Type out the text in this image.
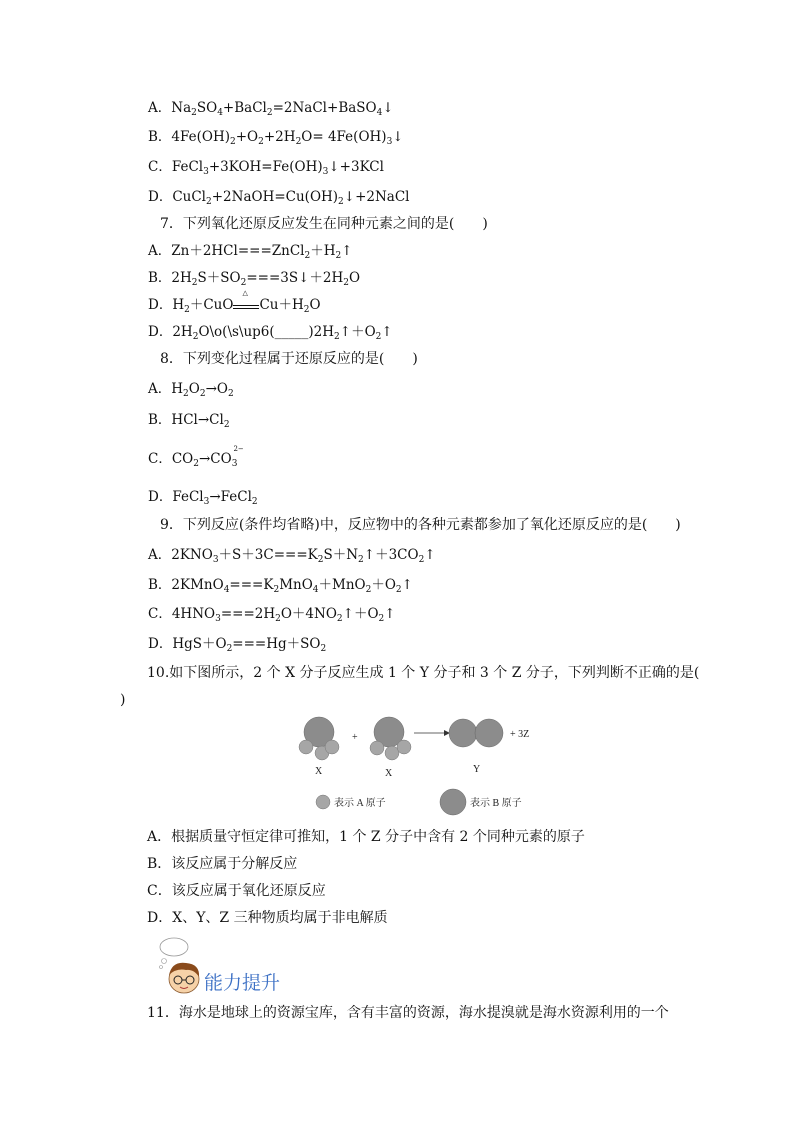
A．$Na_2SO_4+BaCl_2=2NaCl+BaSO_4↓$
B．$4Fe(OH)_2+O_2+2H_2O=$ $4Fe(OH)_3↓$
C．$FeCl_3+3KOH=Fe(OH)_3↓+3KCl$
D．$CuCl_2+2NaOH=Cu(OH)_2↓+2NaCl$
7．下列氧化还原反应发生在同种元素之间的是(　　)
A．$Zn+2HCl===ZnCl_2+H_2↑$
B．$2H_2S+SO_2===3S↓+2H_2O$
D．$H_2+CuO$
△
$Cu+H_2O$
D．$2H_2O\backslash o(\backslash s\backslash up6(\_\_\_\_\_)2H_2↑+O_2↑$
8．下列变化过程属于还原反应的是(　　)
A．$H_2O_2\to O_2$
B．$HCl\to Cl_2$
C．$CO_2\to CO_3^{2-}$
D．FeCl$_3$→FeCl$_2$
9．下列反应(条件均省略)中，反应物中的各种元素都参加了氧化还原反应的是(　　)
A．$2KNO_3+S+3C===K_2S+N_2↑+3CO_2↑$
B．$2KMnO_4===K_2MnO_4+MnO_2+O_2↑$
C．$4HNO_3===2H_2O+4NO_2↑+O_2↑$
D．$HgS+O_2===Hg+SO_2$
10.如下图所示，2 个 X 分子反应生成 1 个 Y 分子和 3 个 Z 分子，下列判断不正确的是(
)
+	+ 3Z
X	X	Y
表示 A 原子	表示 B 原子
A．根据质量守恒定律可推知，1 个 Z 分子中含有 2 个同种元素的原子
B．该反应属于分解反应
C．该反应属于氧化还原反应
D．X、Y、Z 三种物质均属于非电解质
能力提升
11．海水是地球上的资源宝库，含有丰富的资源，海水提溴就是海水资源利用的一个
